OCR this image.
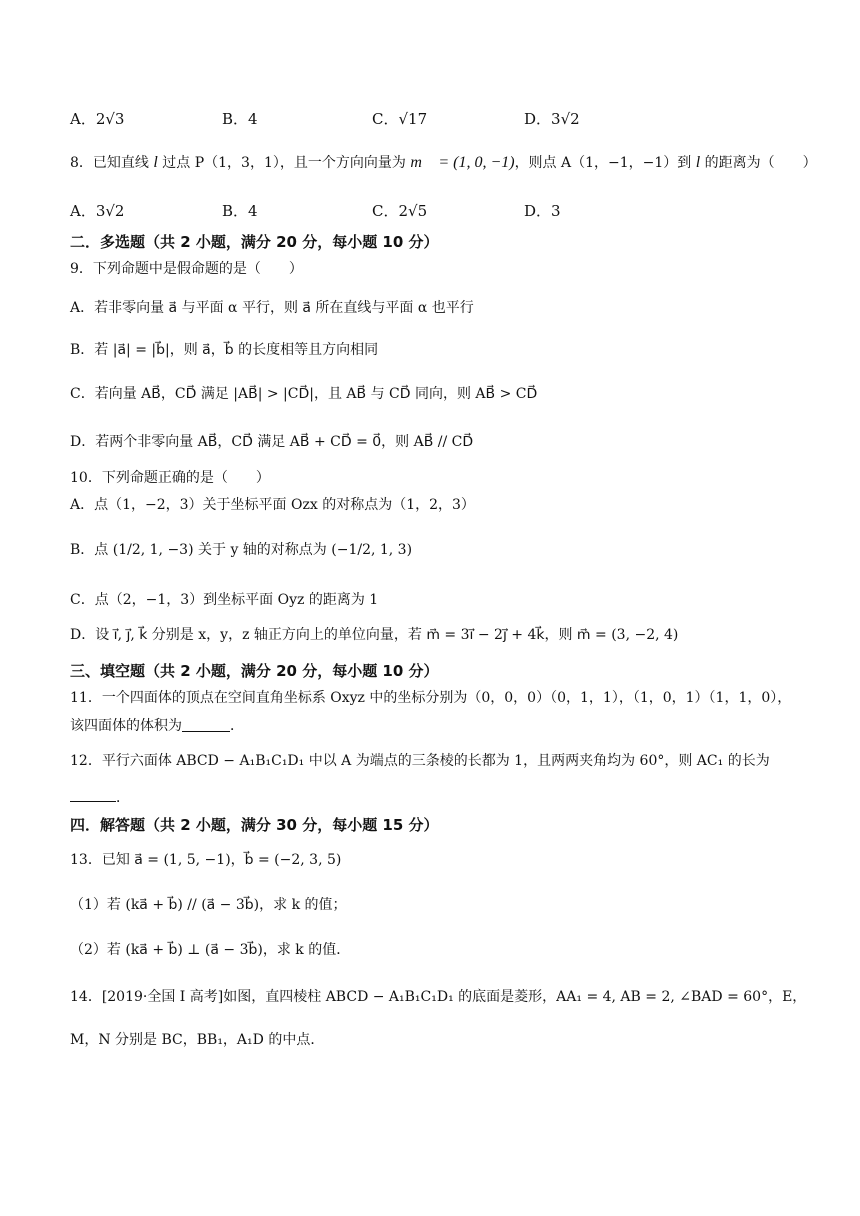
A．2√3	B．4	C．√17	D．3√2
8．已知直线 l 过点 P（1，3，1），且一个方向向量为 m⃗ = (1, 0, −1)，则点 A（1，−1，−1）到 l 的距离为（　　）
A．3√2	B．4	C．2√5	D．3
二．多选题（共 2 小题，满分 20 分，每小题 10 分）
9．下列命题中是假命题的是（　　）
A．若非零向量 a⃗ 与平面 α 平行，则 a⃗ 所在直线与平面 α 也平行
B．若 |a⃗| = |b⃗|，则 a⃗，b⃗ 的长度相等且方向相同
C．若向量 AB⃗，CD⃗ 满足 |AB⃗| > |CD⃗|，且 AB⃗ 与 CD⃗ 同向，则 AB⃗ > CD⃗
D．若两个非零向量 AB⃗，CD⃗ 满足 AB⃗ + CD⃗ = 0⃗，则 AB⃗ // CD⃗
10．下列命题正确的是（　　）
A．点（1，−2，3）关于坐标平面 Ozx 的对称点为（1，2，3）
B．点 (1/2, 1, −3) 关于 y 轴的对称点为 (−1/2, 1, 3)
C．点（2，−1，3）到坐标平面 Oyz 的距离为 1
D．设 i⃗, j⃗, k⃗ 分别是 x，y，z 轴正方向上的单位向量，若 m⃗ = 3i⃗ − 2j⃗ + 4k⃗，则 m⃗ = (3, −2, 4)
三、填空题（共 2 小题，满分 20 分，每小题 10 分）
11．一个四面体的顶点在空间直角坐标系 Oxyz 中的坐标分别为（0，0，0）（0，1，1），（1，0，1）（1，1，0），
该四面体的体积为	．
12．平行六面体 ABCD − A₁B₁C₁D₁ 中以 A 为端点的三条棱的长都为 1，且两两夹角均为 60°，则 AC₁ 的长为
．
四．解答题（共 2 小题，满分 30 分，每小题 15 分）
13．已知 a⃗ = (1, 5, −1)，b⃗ = (−2, 3, 5)
（1）若 (ka⃗ + b⃗) // (a⃗ − 3b⃗)，求 k 的值；
（2）若 (ka⃗ + b⃗) ⊥ (a⃗ − 3b⃗)，求 k 的值．
14．[2019·全国 I 高考]如图，直四棱柱 ABCD − A₁B₁C₁D₁ 的底面是菱形，AA₁ = 4, AB = 2, ∠BAD = 60°，E，
M，N 分别是 BC，BB₁，A₁D 的中点．
